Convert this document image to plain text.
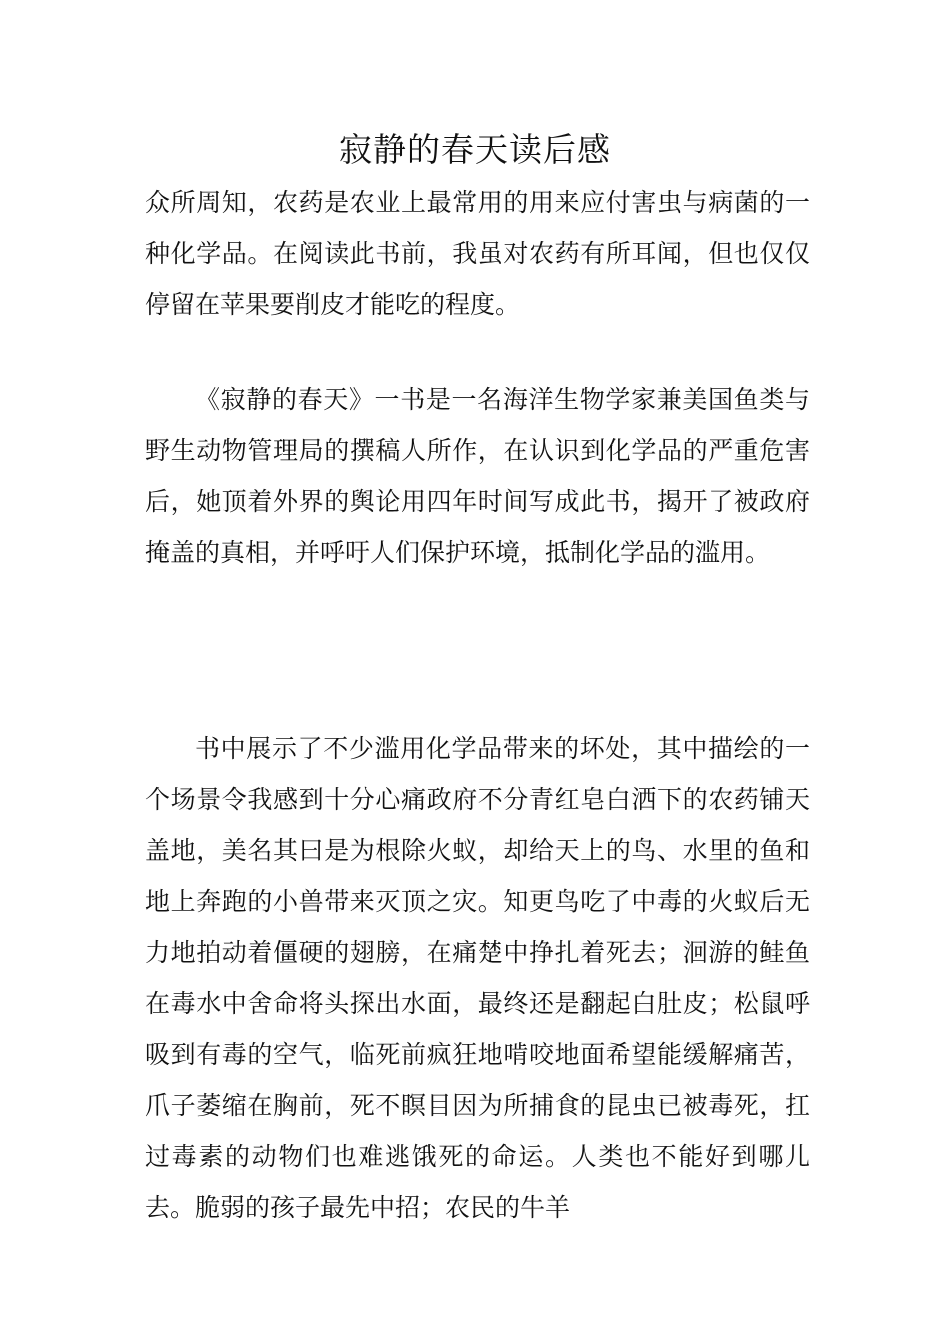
寂静的春天读后感

众所周知，农药是农业上最常用的用来应付害虫与病菌的一种化学品。在阅读此书前，我虽对农药有所耳闻，但也仅仅停留在苹果要削皮才能吃的程度。

《寂静的春天》一书是一名海洋生物学家兼美国鱼类与野生动物管理局的撰稿人所作，在认识到化学品的严重危害后，她顶着外界的舆论用四年时间写成此书，揭开了被政府掩盖的真相，并呼吁人们保护环境，抵制化学品的滥用。

书中展示了不少滥用化学品带来的坏处，其中描绘的一个场景令我感到十分心痛政府不分青红皂白洒下的农药铺天盖地，美名其曰是为根除火蚁，却给天上的鸟、水里的鱼和地上奔跑的小兽带来灭顶之灾。知更鸟吃了中毒的火蚁后无力地拍动着僵硬的翅膀，在痛楚中挣扎着死去；洄游的鲑鱼在毒水中舍命将头探出水面，最终还是翻起白肚皮；松鼠呼吸到有毒的空气，临死前疯狂地啃咬地面希望能缓解痛苦，爪子萎缩在胸前，死不瞑目因为所捕食的昆虫已被毒死，扛过毒素的动物们也难逃饿死的命运。人类也不能好到哪儿去。脆弱的孩子最先中招；农民的牛羊
